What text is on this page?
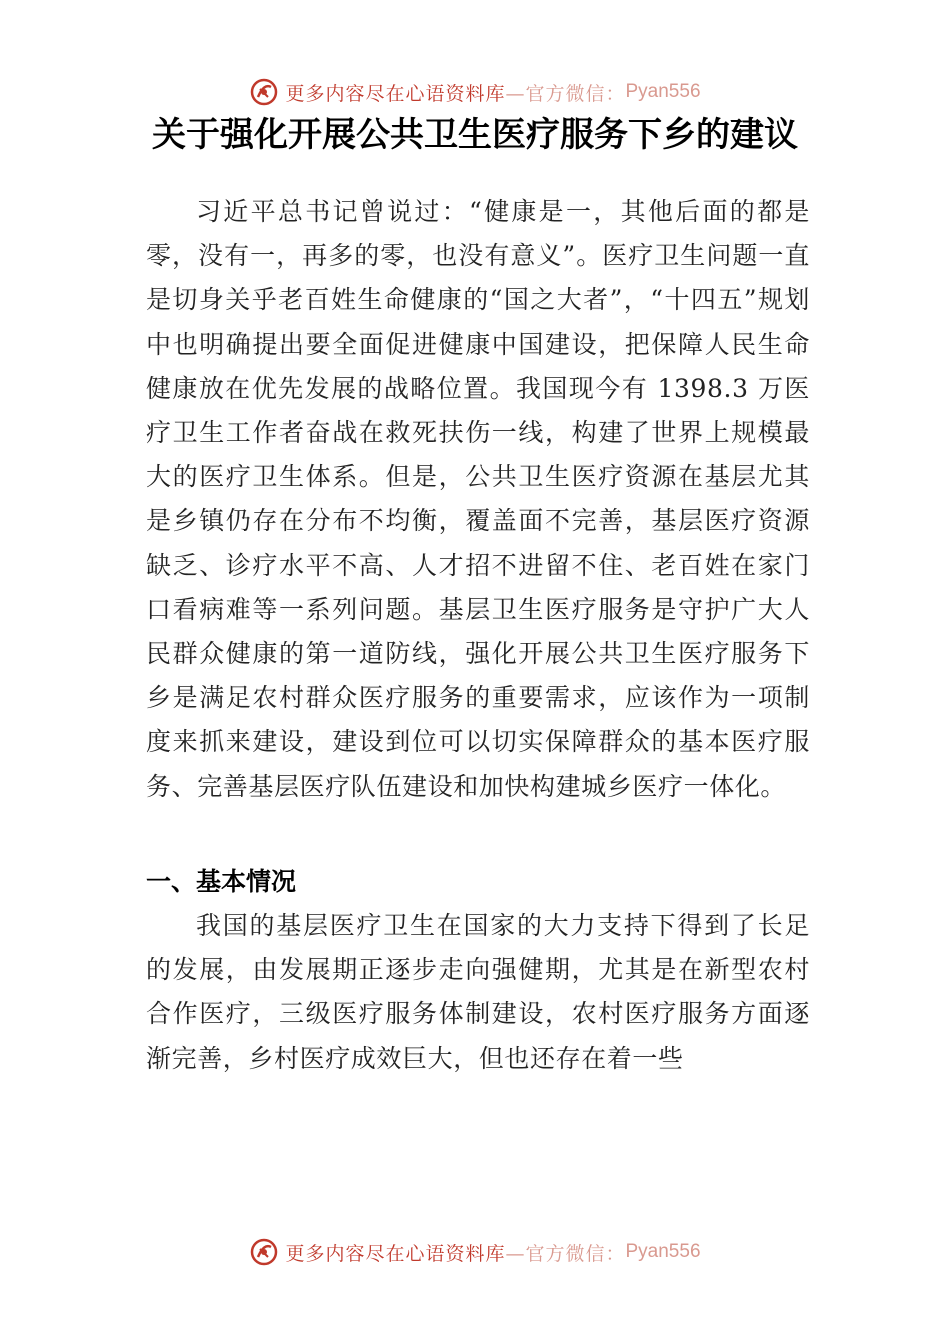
更多内容尽在心语资料库 —官方微信： Pyan556
关于强化开展公共卫生医疗服务下乡的建议

习近平总书记曾说过：“健康是一，其他后面的都是零，没有一，再多的零，也没有意义”。医疗卫生问题一直是切身关乎老百姓生命健康的“国之大者”，“十四五”规划中也明确提出要全面促进健康中国建设，把保障人民生命健康放在优先发展的战略位置。我国现今有 1398.3 万医疗卫生工作者奋战在救死扶伤一线，构建了世界上规模最大的医疗卫生体系。但是，公共卫生医疗资源在基层尤其是乡镇仍存在分布不均衡，覆盖面不完善，基层医疗资源缺乏、诊疗水平不高、人才招不进留不住、老百姓在家门口看病难等一系列问题。基层卫生医疗服务是守护广大人民群众健康的第一道防线，强化开展公共卫生医疗服务下乡是满足农村群众医疗服务的重要需求，应该作为一项制度来抓来建设，建设到位可以切实保障群众的基本医疗服务、完善基层医疗队伍建设和加快构建城乡医疗一体化。

一、基本情况

我国的基层医疗卫生在国家的大力支持下得到了长足的发展，由发展期正逐步走向强健期，尤其是在新型农村合作医疗，三级医疗服务体制建设，农村医疗服务方面逐渐完善，乡村医疗成效巨大，但也还存在着一些

更多内容尽在心语资料库 —官方微信： Pyan556
